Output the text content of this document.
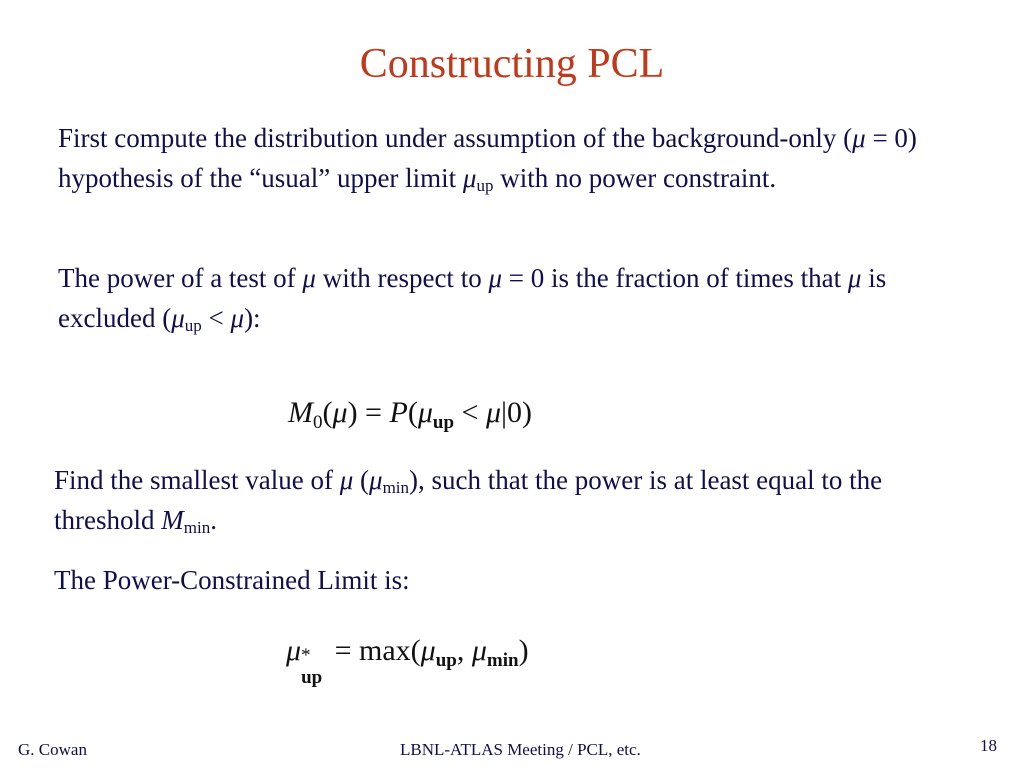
Constructing PCL

First compute the distribution under assumption of the background-only (μ = 0) hypothesis of the “usual” upper limit $\mu_{up}$ with no power constraint.

The power of a test of μ with respect to μ = 0 is the fraction of times that μ is excluded $(\mu_{up} < \mu)$:

$M_0(\mu) = P(\mu_{up} < \mu|0)$

Find the smallest value of μ $(\mu_{min})$, such that the power is at least equal to the threshold $M_{min}$.

The Power-Constrained Limit is:

μ *
up
= $\max(\mu_{up}$, $\mu_{min}$)
G. Cowan	LBNL-ATLAS Meeting / PCL, etc.	18
